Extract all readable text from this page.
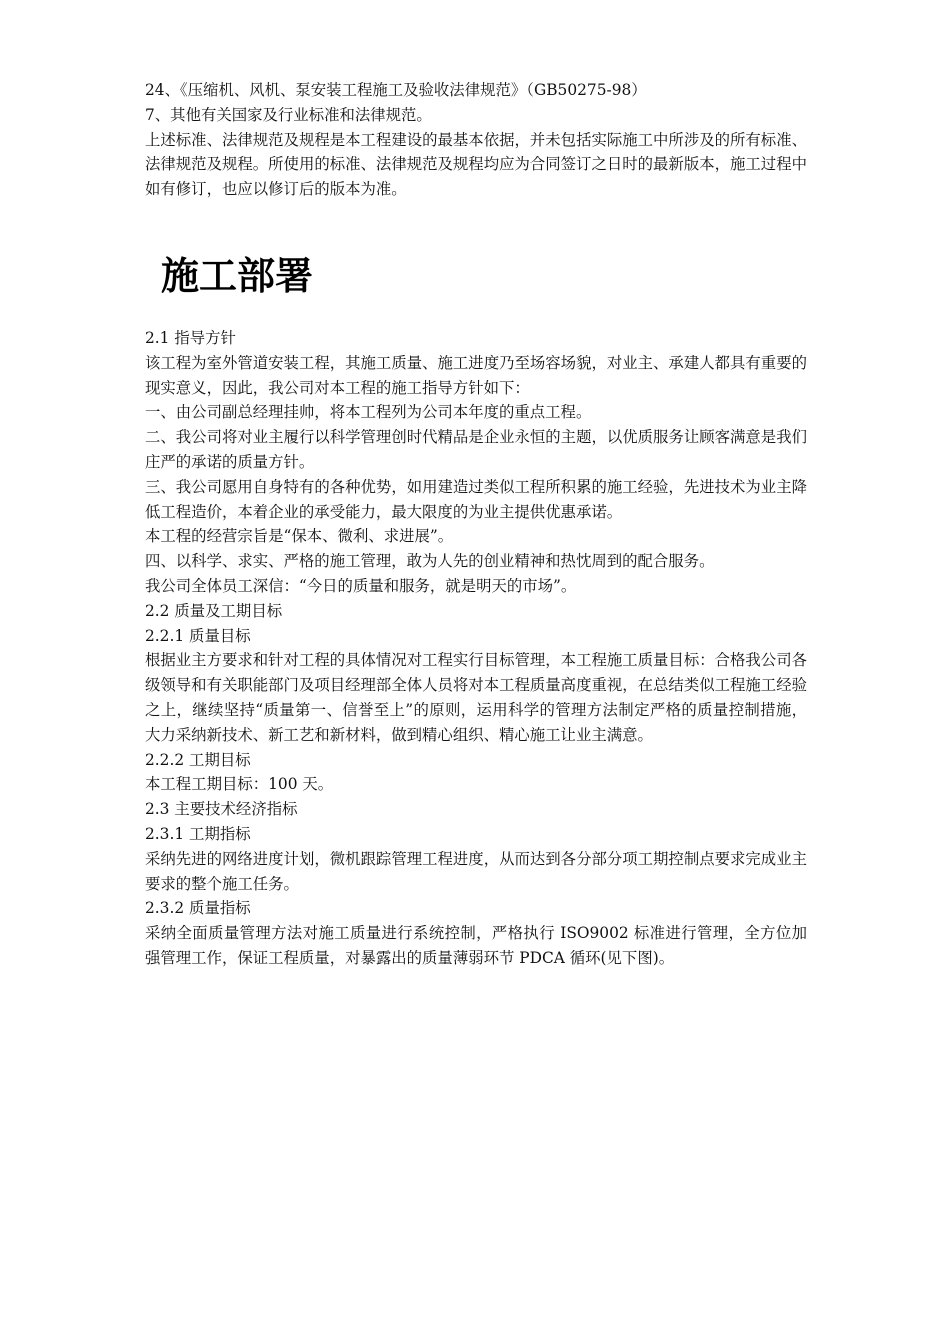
24、《压缩机、风机、泵安装工程施工及验收法律规范》（GB50275-98）

7、其他有关国家及行业标准和法律规范。

上述标准、法律规范及规程是本工程建设的最基本依据，并未包括实际施工中所涉及的所有标准、法律规范及规程。所使用的标准、法律规范及规程均应为合同签订之日时的最新版本，施工过程中如有修订，也应以修订后的版本为准。

施工部署

2.1 指导方针

该工程为室外管道安装工程，其施工质量、施工进度乃至场容场貌，对业主、承建人都具有重要的现实意义，因此，我公司对本工程的施工指导方针如下：

一、由公司副总经理挂帅，将本工程列为公司本年度的重点工程。

二、我公司将对业主履行以科学管理创时代精品是企业永恒的主题，以优质服务让顾客满意是我们庄严的承诺的质量方针。

三、我公司愿用自身特有的各种优势，如用建造过类似工程所积累的施工经验，先进技术为业主降低工程造价，本着企业的承受能力，最大限度的为业主提供优惠承诺。

本工程的经营宗旨是“保本、微利、求进展”。

四、以科学、求实、严格的施工管理，敢为人先的创业精神和热忱周到的配合服务。

我公司全体员工深信：“今日的质量和服务，就是明天的市场”。

2.2 质量及工期目标

2.2.1 质量目标

根据业主方要求和针对工程的具体情况对工程实行目标管理，本工程施工质量目标：合格我公司各级领导和有关职能部门及项目经理部全体人员将对本工程质量高度重视，在总结类似工程施工经验之上，继续坚持“质量第一、信誉至上”的原则，运用科学的管理方法制定严格的质量控制措施，大力采纳新技术、新工艺和新材料，做到精心组织、精心施工让业主满意。

2.2.2 工期目标

本工程工期目标：100 天。

2.3 主要技术经济指标

2.3.1 工期指标

采纳先进的网络进度计划，微机跟踪管理工程进度，从而达到各分部分项工期控制点要求完成业主要求的整个施工任务。

2.3.2 质量指标

采纳全面质量管理方法对施工质量进行系统控制，严格执行 ISO9002 标准进行管理，全方位加强管理工作，保证工程质量，对暴露出的质量薄弱环节 PDCA 循环(见下图)。
